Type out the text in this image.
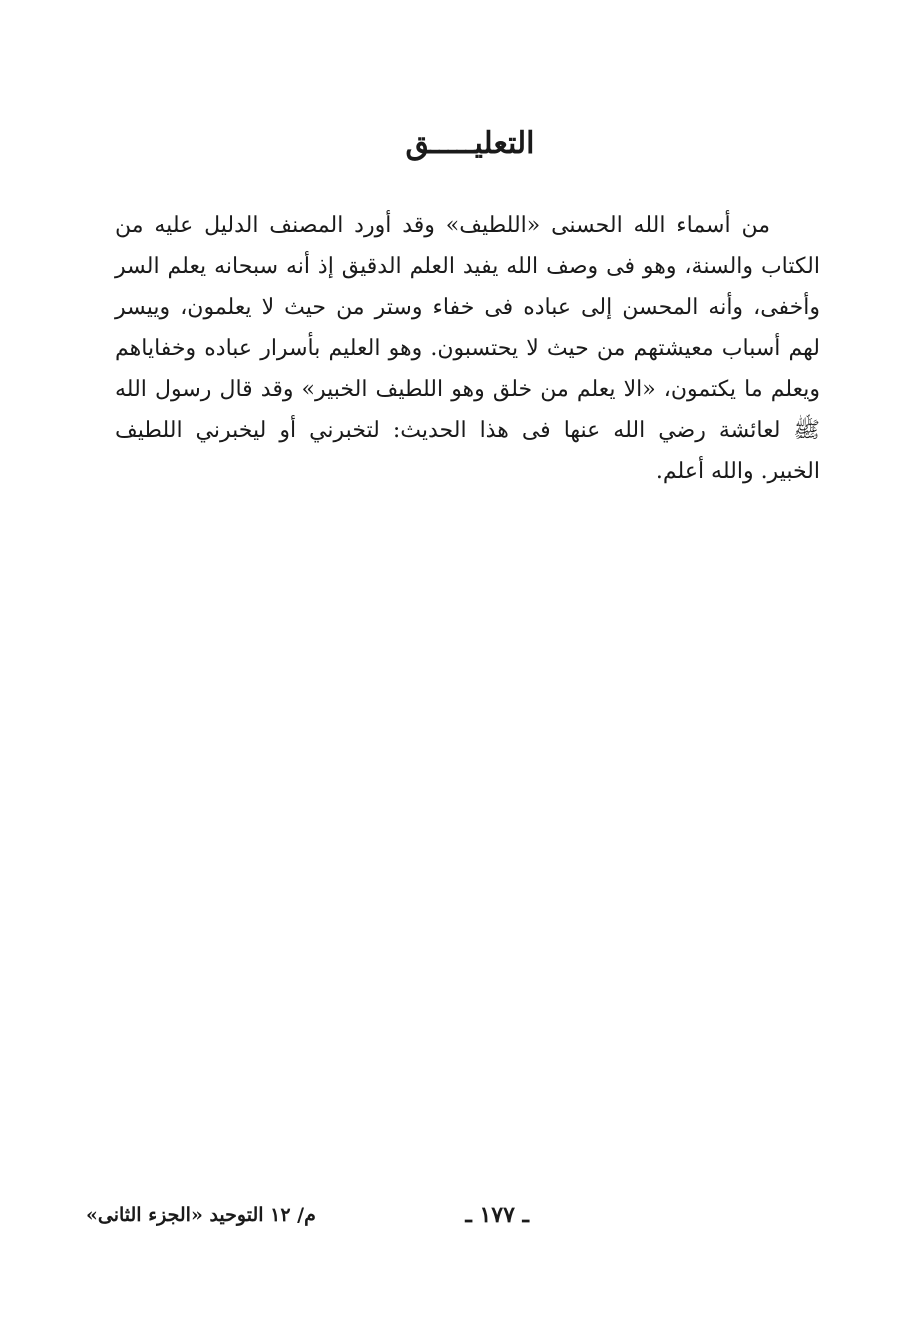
التعليـــــق
من أسماء الله الحسنى «اللطيف» وقد أورد المصنف الدليل عليه من الكتاب والسنة، وهو فى وصف الله يفيد العلم الدقيق إذ أنه سبحانه يعلم السر وأخفى، وأنه المحسن إلى عباده فى خفاء وستر من حيث لا يعلمون، وييسر لهم أسباب معيشتهم من حيث لا يحتسبون. وهو العليم بأسرار عباده وخفاياهم ويعلم ما يكتمون، «الا يعلم من خلق وهو اللطيف الخبير» وقد قال رسول الله ﷺ لعائشة رضي الله عنها فى هذا الحديث: لتخبرني أو ليخبرني اللطيف الخبير. والله أعلم.
ـ ١٧٧ ـ
م/ ١٢ التوحيد «الجزء الثانى»
